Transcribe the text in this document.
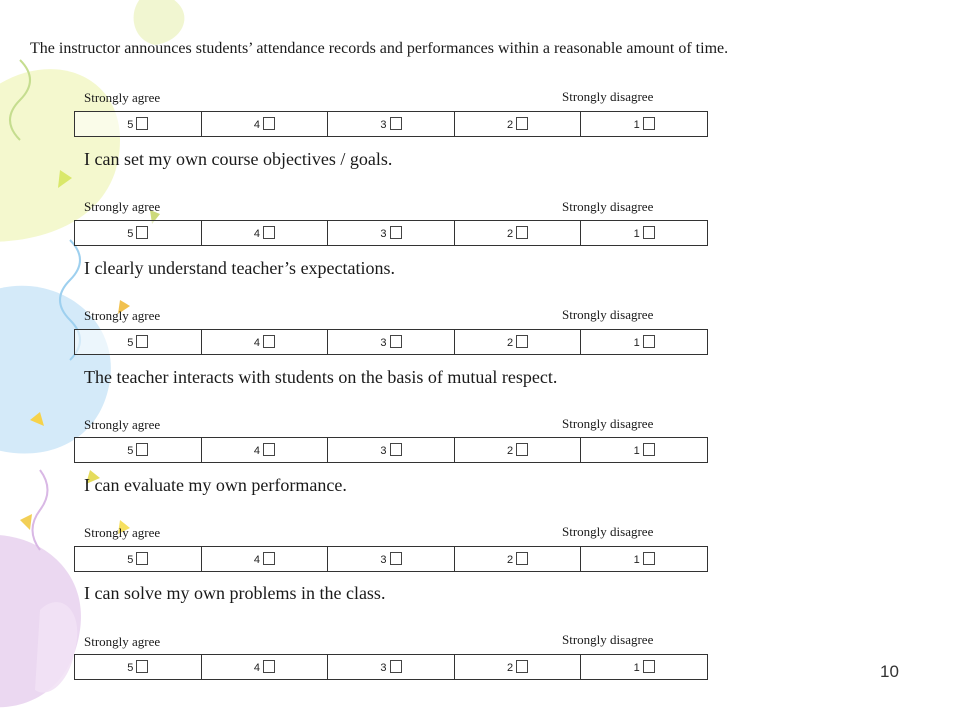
The instructor announces students’ attendance records and performances within a reasonable amount of time.
Strongly agree	Strongly disagree
5	4	3	2	1
I can set my own course objectives / goals.
Strongly agree	Strongly disagree
5	4	3	2	1
I clearly understand teacher’s expectations.
Strongly agree	Strongly disagree
5	4	3	2	1
The teacher interacts with students on the basis of mutual respect.
Strongly agree	Strongly disagree
5	4	3	2	1
I can evaluate my own performance.
Strongly agree	Strongly disagree
5	4	3	2	1
I can solve my own problems in the class.
Strongly agree	Strongly disagree
5	4	3	2	1	10
